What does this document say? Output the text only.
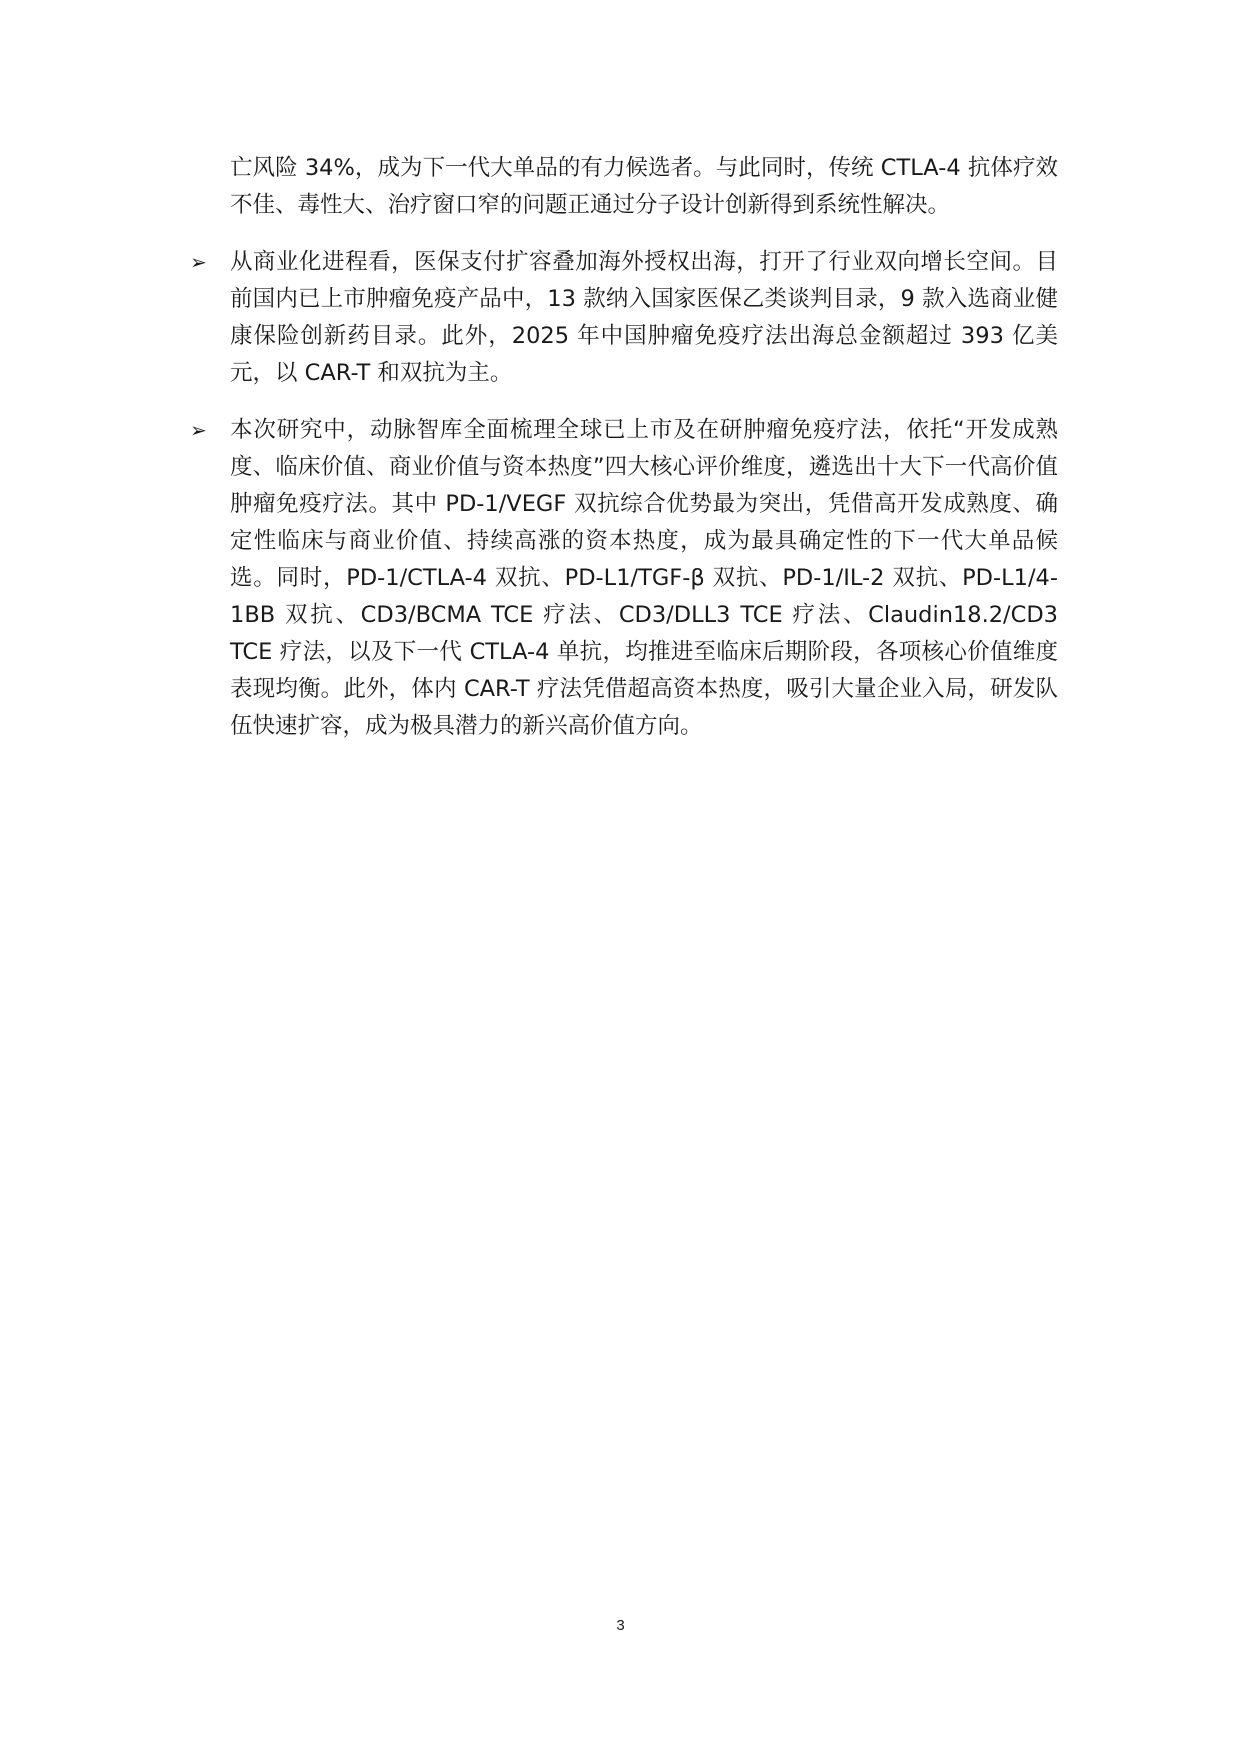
亡风险 34%，成为下一代大单品的有力候选者。与此同时，传统 CTLA-4 抗体疗效不佳、毒性大、治疗窗口窄的问题正通过分子设计创新得到系统性解决。

➢ 从商业化进程看，医保支付扩容叠加海外授权出海，打开了行业双向增长空间。目前国内已上市肿瘤免疫产品中，13 款纳入国家医保乙类谈判目录，9 款入选商业健康保险创新药目录。此外，2025 年中国肿瘤免疫疗法出海总金额超过 393 亿美元，以 CAR-T 和双抗为主。
➢ 本次研究中，动脉智库全面梳理全球已上市及在研肿瘤免疫疗法，依托“开发成熟度、临床价值、商业价值与资本热度”四大核心评价维度，遴选出十大下一代高价值肿瘤免疫疗法。其中 PD-1/VEGF 双抗综合优势最为突出，凭借高开发成熟度、确定性临床与商业价值、持续高涨的资本热度，成为最具确定性的下一代大单品候选。同时，PD-1/CTLA-4 双抗、PD-L1/TGF-β 双抗、PD-1/IL-2 双抗、PD-L1/4-1BB 双抗、CD3/BCMA TCE 疗法、CD3/DLL3 TCE 疗法、Claudin18.2/CD3 TCE 疗法，以及下一代 CTLA-4 单抗，均推进至临床后期阶段，各项核心价值维度表现均衡。此外，体内 CAR-T 疗法凭借超高资本热度，吸引大量企业入局，研发队伍快速扩容，成为极具潜力的新兴高价值方向。
3
